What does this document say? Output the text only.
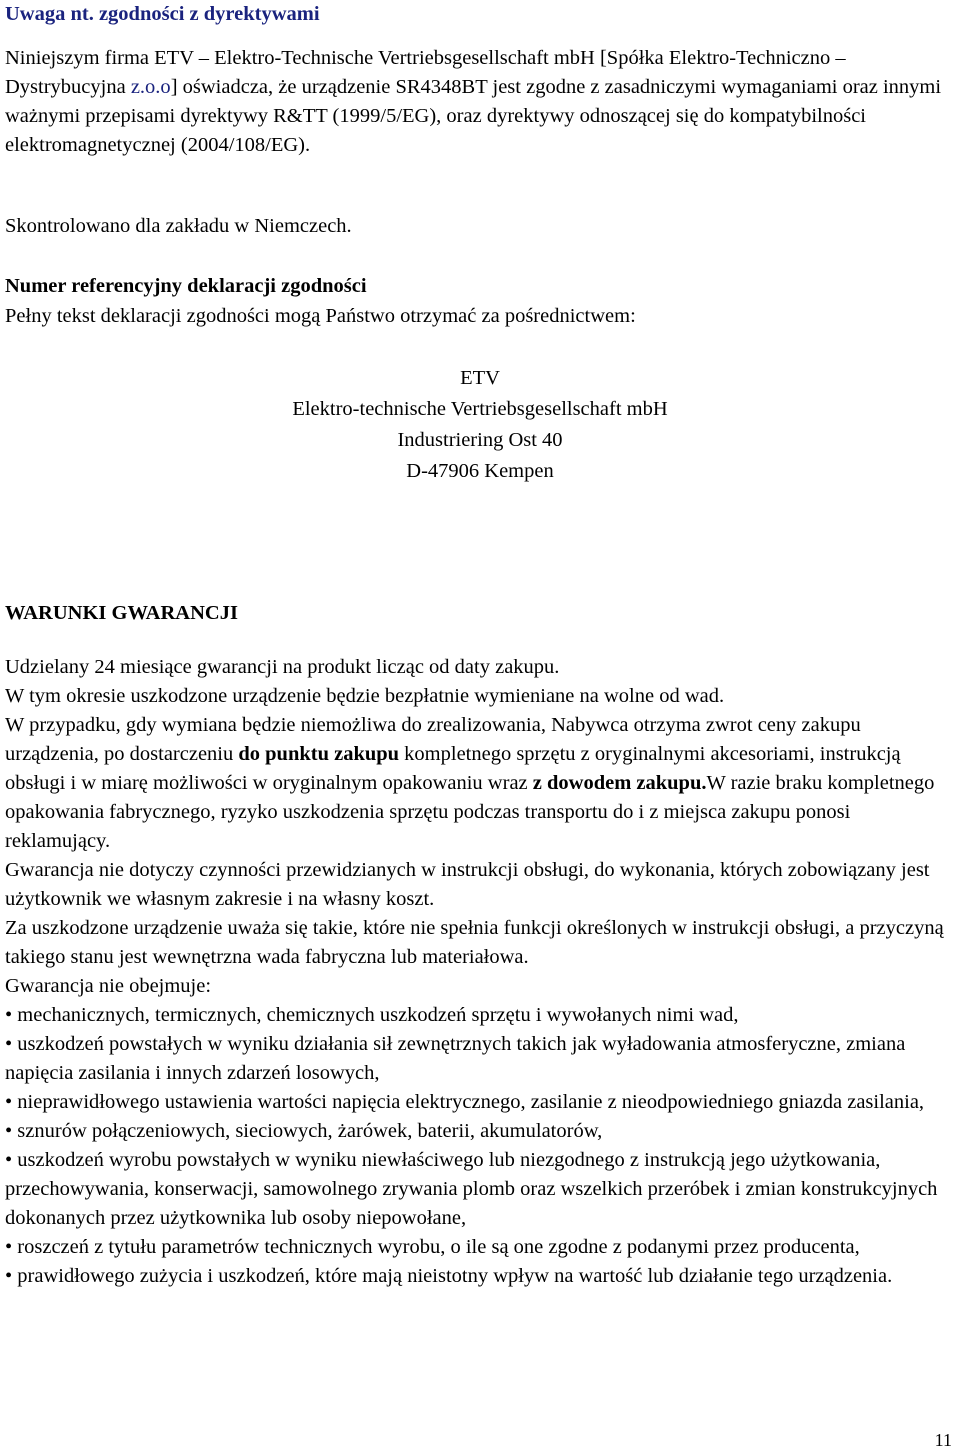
Uwaga nt. zgodności z dyrektywami

Niniejszym firma ETV – Elektro-Technische Vertriebsgesellschaft mbH [Spółka Elektro-Techniczno –Dystrybucyjna z.o.o] oświadcza, że urządzenie SR4348BT jest zgodne z zasadniczymi wymaganiami oraz innymi ważnymi przepisami dyrektywy R&TT (1999/5/EG), oraz dyrektywy odnoszącej się do kompatybilności elektromagnetycznej (2004/108/EG).

Skontrolowano dla zakładu w Niemczech.

Numer referencyjny deklaracji zgodności

Pełny tekst deklaracji zgodności mogą Państwo otrzymać za pośrednictwem:

ETV
Elektro-technische Vertriebsgesellschaft mbH
Industriering Ost 40
D-47906 Kempen

WARUNKI GWARANCJI

Udzielany 24 miesiące gwarancji na produkt licząc od daty zakupu.
W tym okresie uszkodzone urządzenie będzie bezpłatnie wymieniane na wolne od wad.
W przypadku, gdy wymiana będzie niemożliwa do zrealizowania, Nabywca otrzyma zwrot ceny zakupu urządzenia, po dostarczeniu do punktu zakupu kompletnego sprzętu z oryginalnymi akcesoriami, instrukcją obsługi i w miarę możliwości w oryginalnym opakowaniu wraz z dowodem zakupu.W razie braku kompletnego opakowania fabrycznego, ryzyko uszkodzenia sprzętu podczas transportu do i z miejsca zakupu ponosi reklamujący.
Gwarancja nie dotyczy czynności przewidzianych w instrukcji obsługi, do wykonania, których zobowiązany jest użytkownik we własnym zakresie i na własny koszt.
Za uszkodzone urządzenie uważa się takie, które nie spełnia funkcji określonych w instrukcji obsługi, a przyczyną takiego stanu jest wewnętrzna wada fabryczna lub materiałowa.
Gwarancja nie obejmuje:
• mechanicznych, termicznych, chemicznych uszkodzeń sprzętu i wywołanych nimi wad,
• uszkodzeń powstałych w wyniku działania sił zewnętrznych takich jak wyładowania atmosferyczne, zmiana napięcia zasilania i innych zdarzeń losowych,
• nieprawidłowego ustawienia wartości napięcia elektrycznego, zasilanie z nieodpowiedniego gniazda zasilania,
• sznurów połączeniowych, sieciowych, żarówek, baterii, akumulatorów,
• uszkodzeń wyrobu powstałych w wyniku niewłaściwego lub niezgodnego z instrukcją jego użytkowania, przechowywania, konserwacji, samowolnego zrywania plomb oraz wszelkich przeróbek i zmian konstrukcyjnych dokonanych przez użytkownika lub osoby niepowołane,
• roszczeń z tytułu parametrów technicznych wyrobu, o ile są one zgodne z podanymi przez producenta,
• prawidłowego zużycia i uszkodzeń, które mają nieistotny wpływ na wartość lub działanie tego urządzenia.
11
